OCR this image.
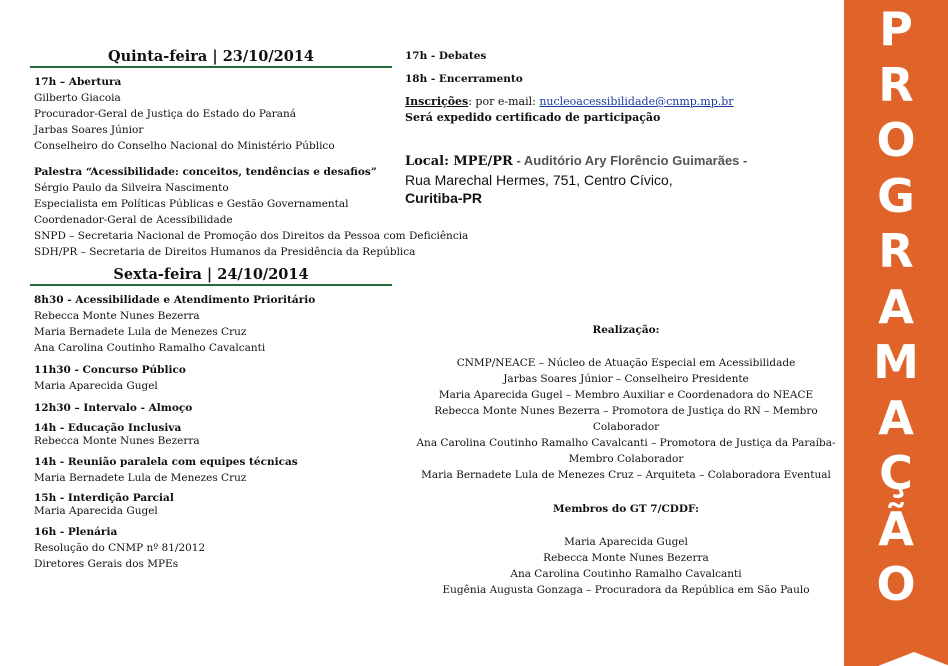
Quinta-feira | 23/10/2014
17h – Abertura
Gilberto Giacoia
Procurador-Geral de Justiça do Estado do Paraná
Jarbas Soares Júnior
Conselheiro do Conselho Nacional do Ministério Público
Palestra “Acessibilidade: conceitos, tendências e desafios”
Sérgio Paulo da Silveira Nascimento
Especialista em Políticas Públicas e Gestão Governamental
Coordenador-Geral de Acessibilidade
SNPD – Secretaria Nacional de Promoção dos Direitos da Pessoa com Deficiência
SDH/PR – Secretaria de Direitos Humanos da Presidência da República
Sexta-feira | 24/10/2014
8h30 - Acessibilidade e Atendimento Prioritário
Rebecca Monte Nunes Bezerra
Maria Bernadete Lula de Menezes Cruz
Ana Carolina Coutinho Ramalho Cavalcanti
11h30 - Concurso Público
Maria Aparecida Gugel
12h30 – Intervalo - Almoço
14h - Educação Inclusiva
Rebecca Monte Nunes Bezerra
14h - Reunião paralela com equipes técnicas
Maria Bernadete Lula de Menezes Cruz
15h - Interdição Parcial
Maria Aparecida Gugel
16h - Plenária
Resolução do CNMP nº 81/2012
Diretores Gerais dos MPEs
17h - Debates
18h - Encerramento
Inscrições: por e-mail: nucleoacessibilidade@cnmp.mp.br
Será expedido certificado de participação
Local: MPE/PR - Auditório Ary Florêncio Guimarães -
Rua Marechal Hermes, 751, Centro Cívico,
Curitiba-PR
Realização:
CNMP/NEACE – Núcleo de Atuação Especial em Acessibilidade
Jarbas Soares Júnior – Conselheiro Presidente
Maria Aparecida Gugel – Membro Auxiliar e Coordenadora do NEACE
Rebecca Monte Nunes Bezerra – Promotora de Justiça do RN – Membro Colaborador
Ana Carolina Coutinho Ramalho Cavalcanti – Promotora de Justiça da Paraíba- Membro Colaborador
Maria Bernadete Lula de Menezes Cruz – Arquiteta – Colaboradora Eventual
Membros do GT 7/CDDF:
Maria Aparecida Gugel
Rebecca Monte Nunes Bezerra
Ana Carolina Coutinho Ramalho Cavalcanti
Eugênia Augusta Gonzaga – Procuradora da República em São Paulo
P
R
O
G
R
A
M
A
Ç
Ã
O
